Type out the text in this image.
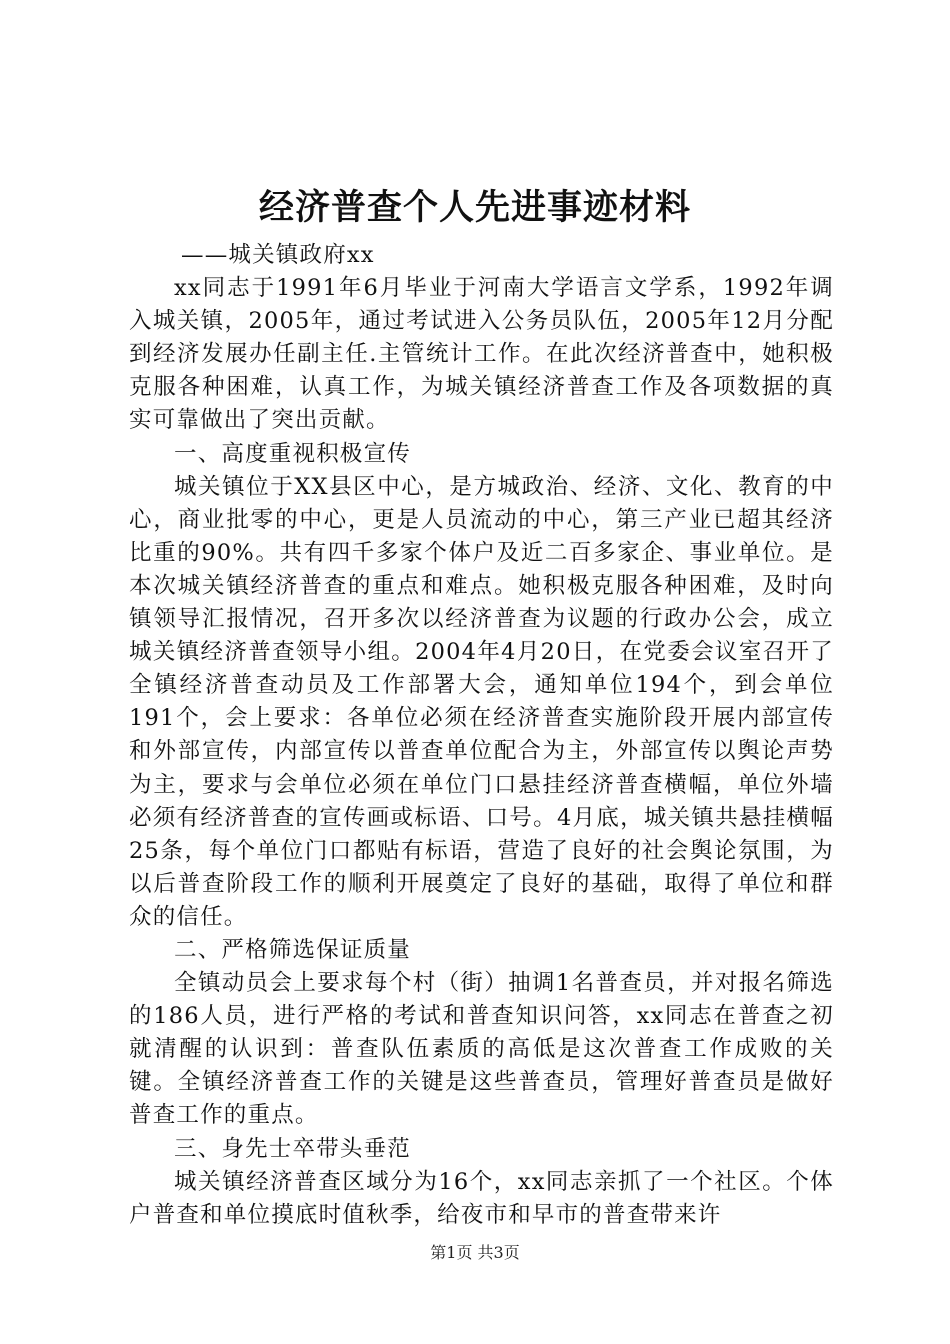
经济普查个人先进事迹材料

——城关镇政府xx

xx同志于1991年6月毕业于河南大学语言文学系，1992年调入城关镇，2005年，通过考试进入公务员队伍，2005年12月分配到经济发展办任副主任.主管统计工作。在此次经济普查中，她积极克服各种困难，认真工作，为城关镇经济普查工作及各项数据的真实可靠做出了突出贡献。

一、高度重视积极宣传

城关镇位于XX县区中心，是方城政治、经济、文化、教育的中心，商业批零的中心，更是人员流动的中心，第三产业已超其经济比重的90%。共有四千多家个体户及近二百多家企、事业单位。是本次城关镇经济普查的重点和难点。她积极克服各种困难，及时向镇领导汇报情况，召开多次以经济普查为议题的行政办公会，成立城关镇经济普查领导小组。2004年4月20日，在党委会议室召开了全镇经济普查动员及工作部署大会，通知单位194个，到会单位191个，会上要求：各单位必须在经济普查实施阶段开展内部宣传和外部宣传，内部宣传以普查单位配合为主，外部宣传以舆论声势为主，要求与会单位必须在单位门口悬挂经济普查横幅，单位外墙必须有经济普查的宣传画或标语、口号。4月底，城关镇共悬挂横幅25条，每个单位门口都贴有标语，营造了良好的社会舆论氛围，为以后普查阶段工作的顺利开展奠定了良好的基础，取得了单位和群众的信任。

二、严格筛选保证质量

全镇动员会上要求每个村（街）抽调1名普查员，并对报名筛选的186人员，进行严格的考试和普查知识问答，xx同志在普查之初就清醒的认识到：普查队伍素质的高低是这次普查工作成败的关键。全镇经济普查工作的关键是这些普查员，管理好普查员是做好普查工作的重点。

三、身先士卒带头垂范

城关镇经济普查区域分为16个，xx同志亲抓了一个社区。个体户普查和单位摸底时值秋季，给夜市和早市的普查带来许

第1页 共3页
